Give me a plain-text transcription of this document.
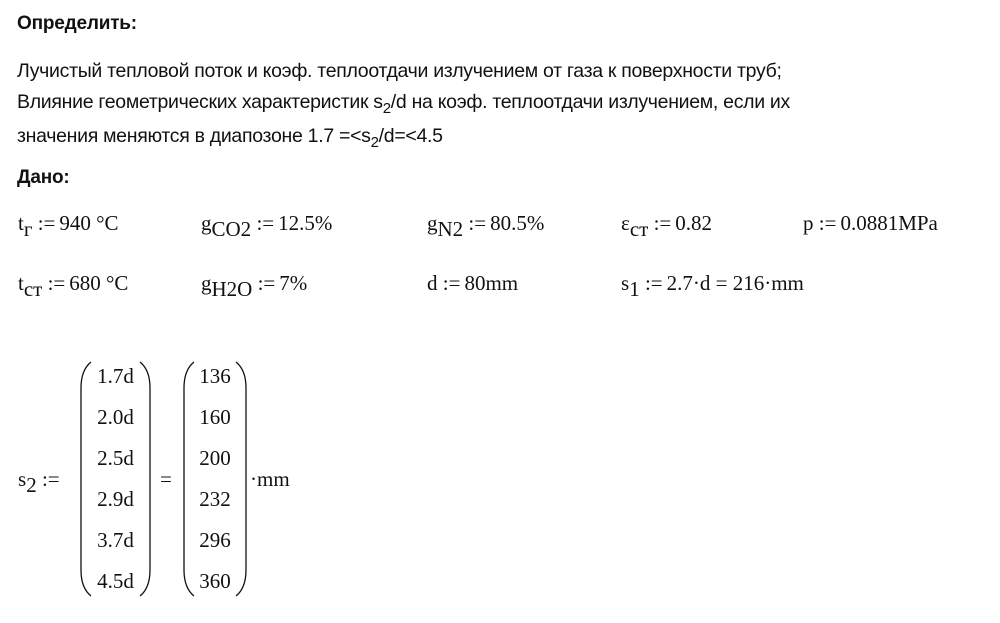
Определить:
Лучистый тепловой поток и коэф. теплоотдачи излучением от газа к поверхности труб;
Влияние геометрических характеристик $s_2/d$ на коэф. теплоотдачи излучением, если их
значения меняются в диапозоне $1.7 =<s_2/d=<4.5$
Дано:
$t_г$ := 940 °C	$g_{CO2}$ := 12.5%	$g_{N2}$ := 80.5%	$\varepsilon_{ст}$ := 0.82	p := 0.0881MPa
$t_{ст}$ := 680 °C	$g_{H2O}$ := 7%	d := 80mm	$s_1$ := 2.7·d = 216·mm
$s_2$ :=
1.7d
2.0d
2.5d
2.9d
3.7d
4.5d
=
136
160
200
232
296
360
·mm
